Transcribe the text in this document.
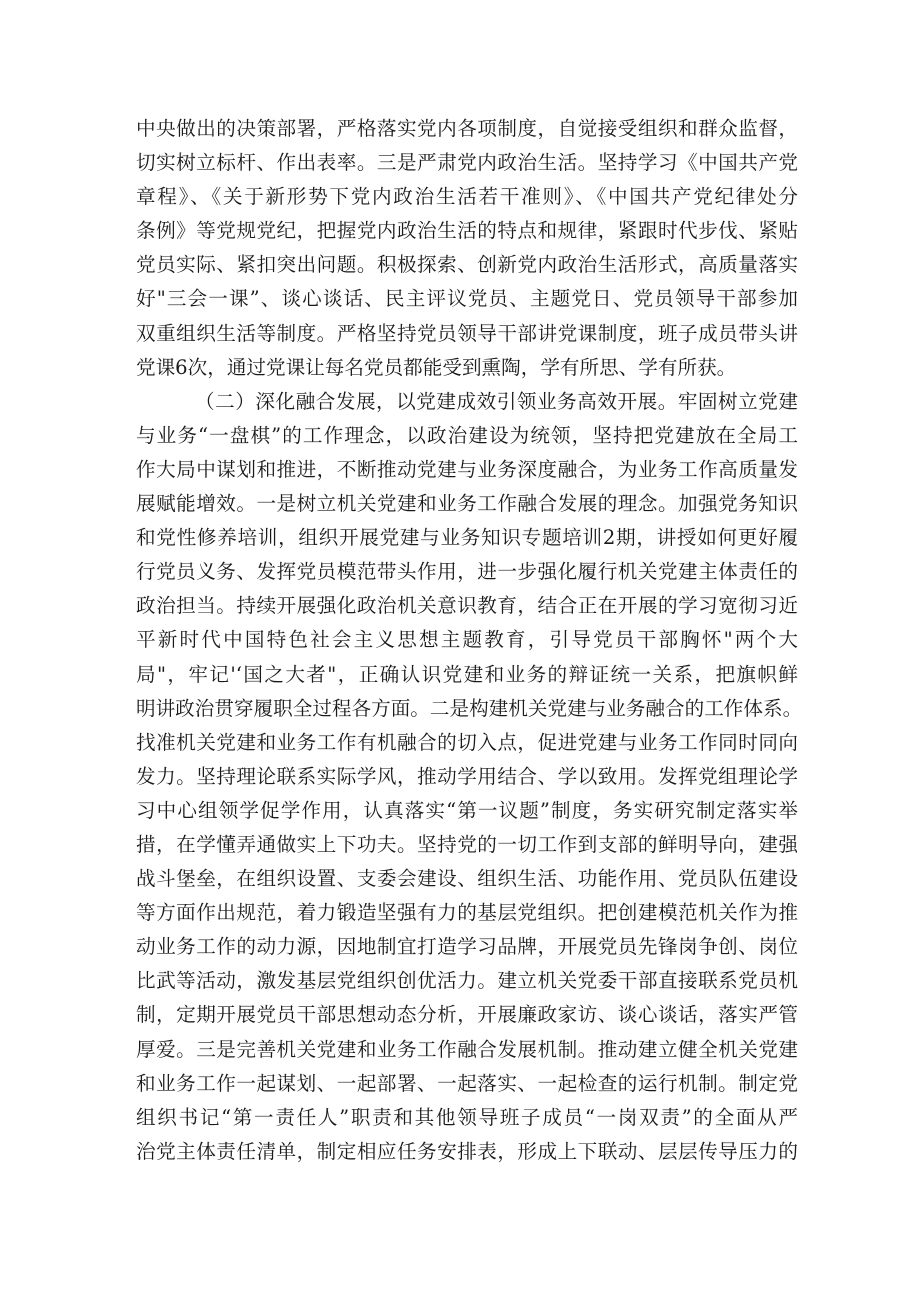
中央做出的决策部署，严格落实党内各项制度，自觉接受组织和群众监督，
切实树立标杆、作出表率。三是严肃党内政治生活。坚持学习《中国共产党
章程》、《关于新形势下党内政治生活若干准则》、《中国共产党纪律处分
条例》等党规党纪，把握党内政治生活的特点和规律，紧跟时代步伐、紧贴
党员实际、紧扣突出问题。积极探索、创新党内政治生活形式，高质量落实
好"三会一课”、谈心谈话、民主评议党员、主题党日、党员领导干部参加
双重组织生活等制度。严格坚持党员领导干部讲党课制度，班子成员带头讲
党课6次，通过党课让每名党员都能受到熏陶，学有所思、学有所获。
（二）深化融合发展，以党建成效引领业务高效开展。牢固树立党建
与业务“一盘棋”的工作理念，以政治建设为统领，坚持把党建放在全局工
作大局中谋划和推进，不断推动党建与业务深度融合，为业务工作高质量发
展赋能增效。一是树立机关党建和业务工作融合发展的理念。加强党务知识
和党性修养培训，组织开展党建与业务知识专题培训2期，讲授如何更好履
行党员义务、发挥党员模范带头作用，进一步强化履行机关党建主体责任的
政治担当。持续开展强化政治机关意识教育，结合正在开展的学习宽彻习近
平新时代中国特色社会主义思想主题教育，引导党员干部胸怀"两个大
局"，牢记'‘国之大者"，正确认识党建和业务的辩证统一关系，把旗帜鲜
明讲政治贯穿履职全过程各方面。二是构建机关党建与业务融合的工作体系。
找准机关党建和业务工作有机融合的切入点，促进党建与业务工作同时同向
发力。坚持理论联系实际学风，推动学用结合、学以致用。发挥党组理论学
习中心组领学促学作用，认真落实“第一议题”制度，务实研究制定落实举
措，在学懂弄通做实上下功夫。坚持党的一切工作到支部的鲜明导向，建强
战斗堡垒，在组织设置、支委会建设、组织生活、功能作用、党员队伍建设
等方面作出规范，着力锻造坚强有力的基层党组织。把创建模范机关作为推
动业务工作的动力源，因地制宜打造学习品牌，开展党员先锋岗争创、岗位
比武等活动，激发基层党组织创优活力。建立机关党委干部直接联系党员机
制，定期开展党员干部思想动态分析，开展廉政家访、谈心谈话，落实严管
厚爱。三是完善机关党建和业务工作融合发展机制。推动建立健全机关党建
和业务工作一起谋划、一起部署、一起落实、一起检查的运行机制。制定党
组织书记“第一责任人”职责和其他领导班子成员“一岗双责”的全面从严
治党主体责任清单，制定相应任务安排表，形成上下联动、层层传导压力的
